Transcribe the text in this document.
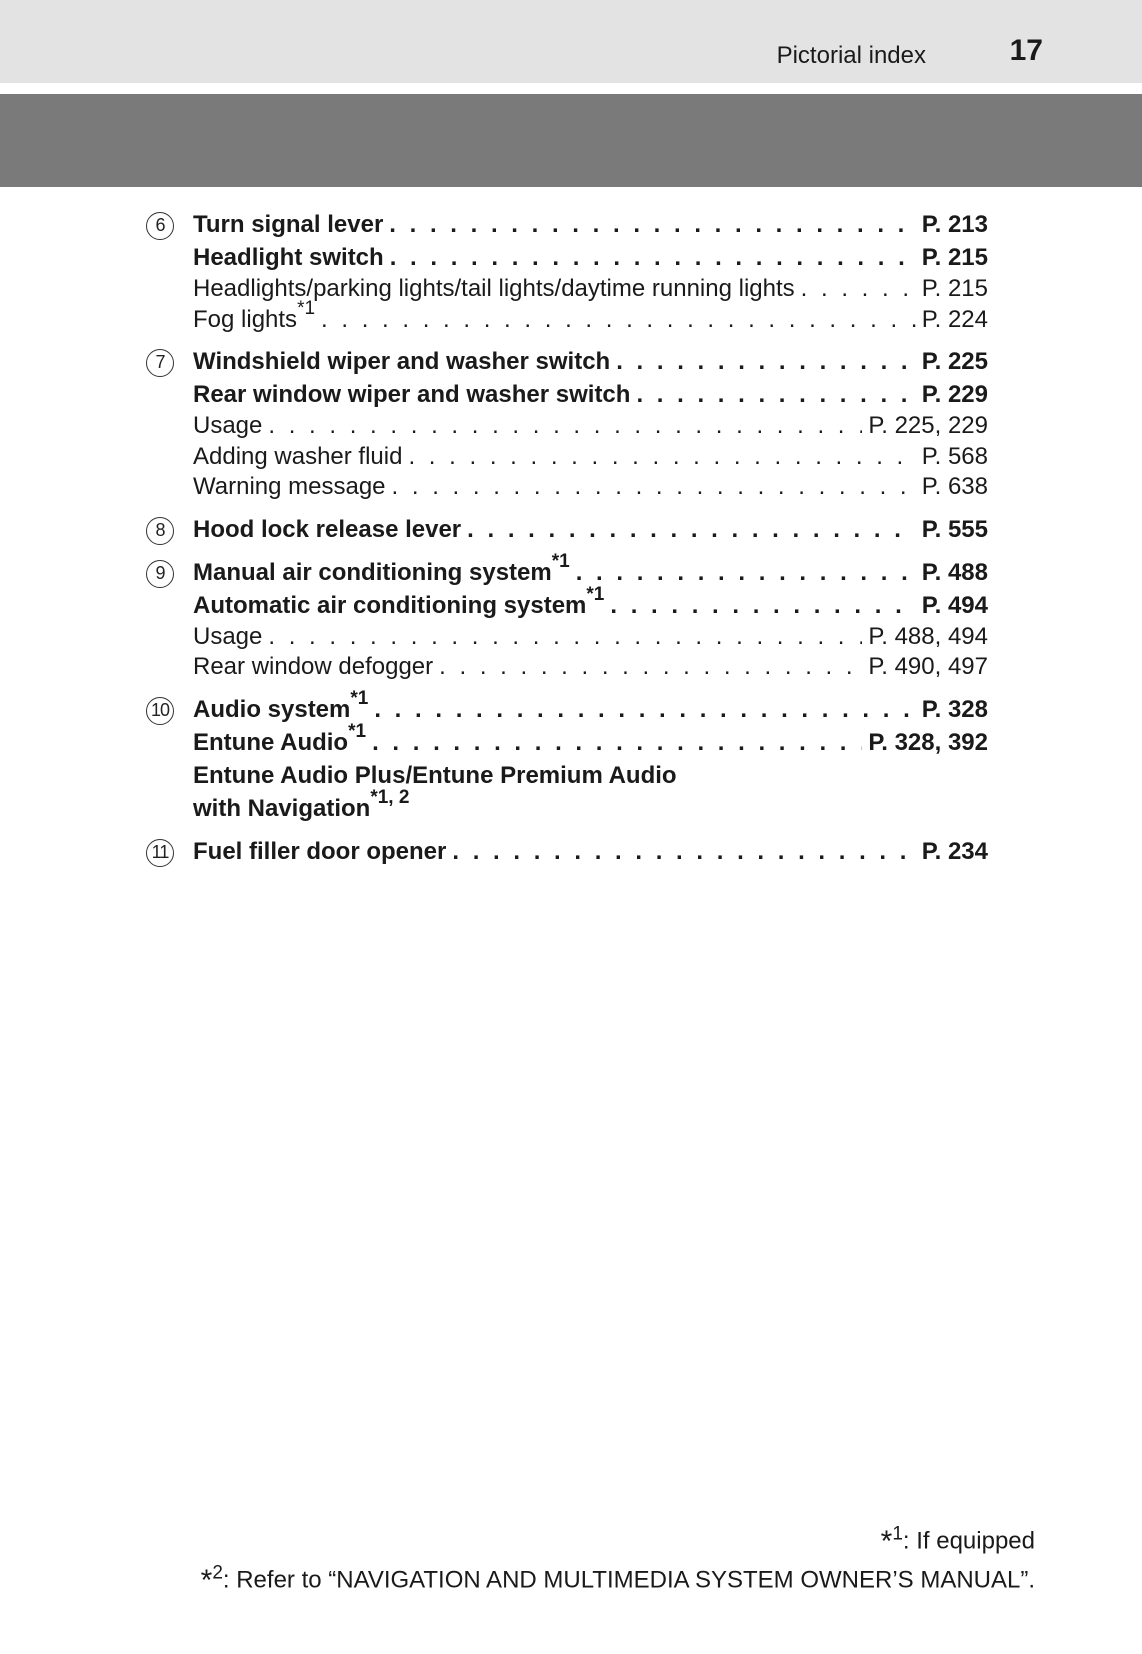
Pictorial index	17
6	Turn signal lever . . .	P. 213
Headlight switch . . .	P. 215
Headlights/parking lights/tail lights/daytime running lights . . .	P. 215
Fog lights$^{*1}$ . . .	P. 224
7	Windshield wiper and washer switch . . .	P. 225
Rear window wiper and washer switch . . .	P. 229
Usage . . .	P. 225, 229
Adding washer fluid . . .	P. 568
Warning message . . .	P. 638
8	Hood lock release lever . . .	P. 555
9	Manual air conditioning system$^{*1}$ . . .	P. 488
Automatic air conditioning system$^{*1}$ . . .	P. 494
Usage . . .	P. 488, 494
Rear window defogger . . .	P. 490, 497
10 Audio system$^{*1}$ . . .	P. 328
Entune Audio$^{*1}$ . . .	P. 328, 392
Entune Audio Plus/Entune Premium Audio
with Navigation$^{*1, 2}$
11 Fuel filler door opener . . .	P. 234
*$^1$: If equipped
*$^2$: Refer to “NAVIGATION AND MULTIMEDIA SYSTEM OWNER’S MANUAL”.
